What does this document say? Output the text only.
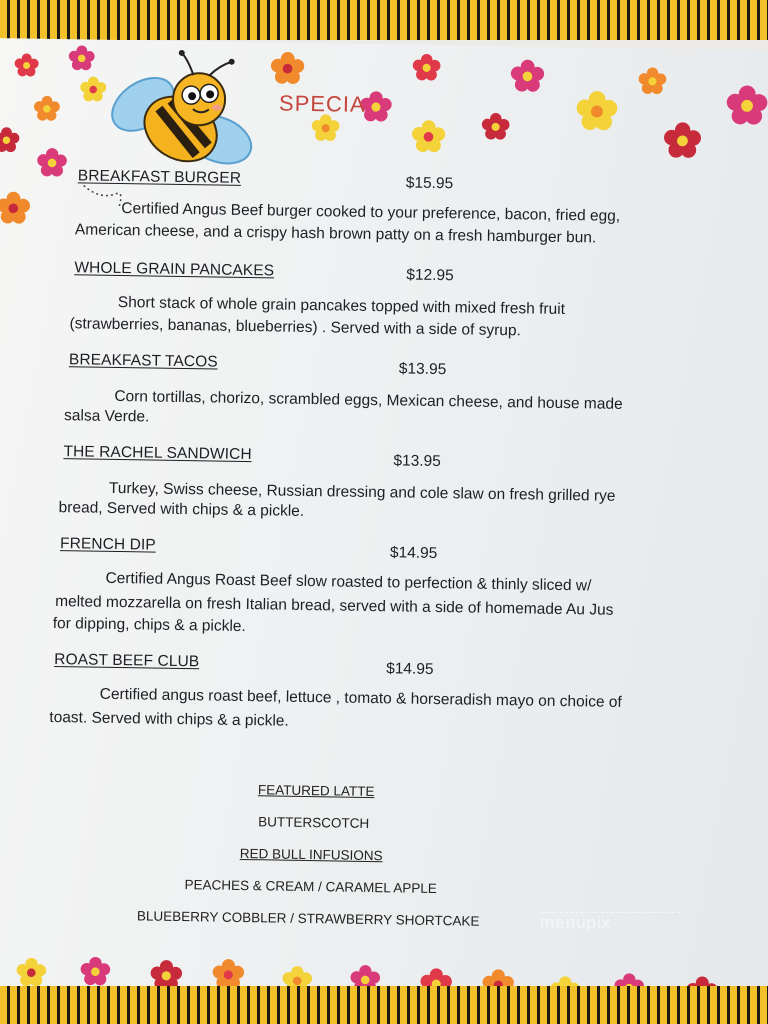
SPECIA
BREAKFAST BURGER	$15.95
Certified Angus Beef burger cooked to your preference, bacon, fried egg,
American cheese, and a crispy hash brown patty on a fresh hamburger bun.
WHOLE GRAIN PANCAKES	$12.95
Short stack of whole grain pancakes topped with mixed fresh fruit
(strawberries, bananas, blueberries) . Served with a side of syrup.
BREAKFAST TACOS	$13.95
Corn tortillas, chorizo, scrambled eggs, Mexican cheese, and house made
salsa Verde.
THE RACHEL SANDWICH	$13.95
Turkey, Swiss cheese, Russian dressing and cole slaw on fresh grilled rye
bread, Served with chips & a pickle.
FRENCH DIP	$14.95
Certified Angus Roast Beef slow roasted to perfection & thinly sliced w/
melted mozzarella on fresh Italian bread, served with a side of homemade Au Jus
for dipping, chips & a pickle.
ROAST BEEF CLUB	$14.95
Certified angus roast beef, lettuce , tomato & horseradish mayo on choice of
toast. Served with chips & a pickle.
FEATURED LATTE
BUTTERSCOTCH
RED BULL INFUSIONS
PEACHES & CREAM / CARAMEL APPLE
BLUEBERRY COBBLER / STRAWBERRY SHORTCAKE	menupix
